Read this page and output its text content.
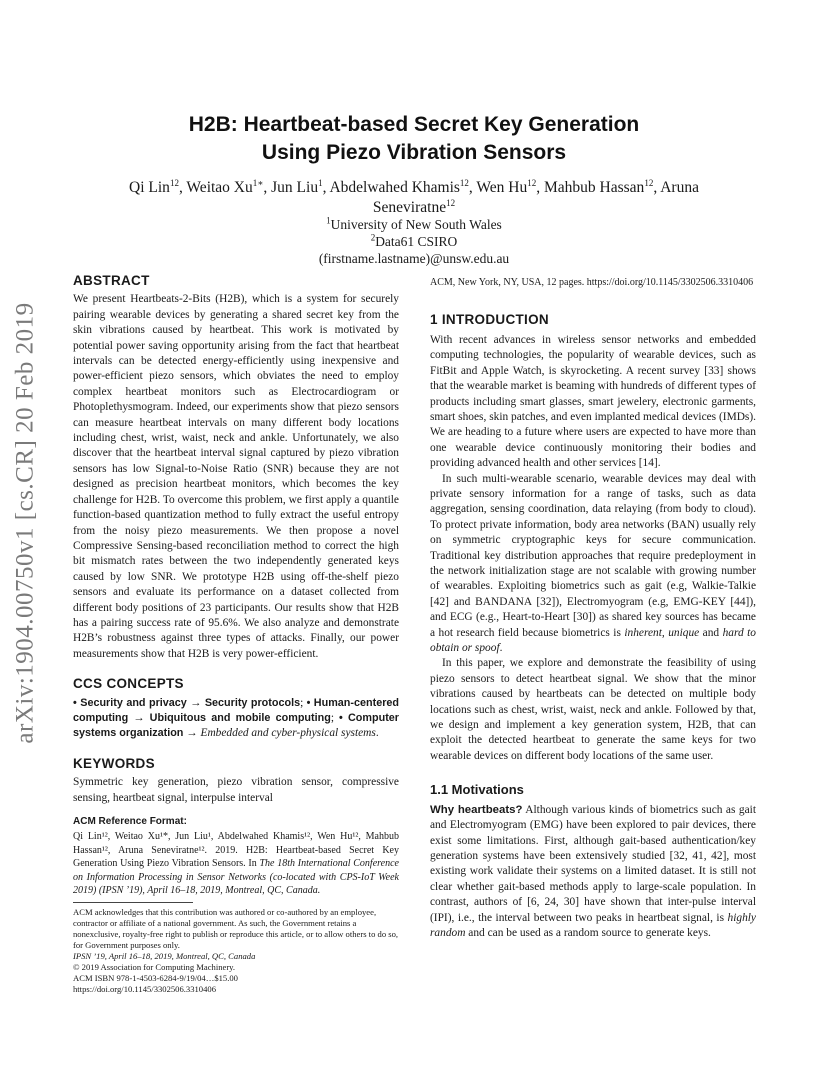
arXiv:1904.00750v1 [cs.CR] 20 Feb 2019
H2B: Heartbeat-based Secret Key Generation
Using Piezo Vibration Sensors
Qi Lin$^{12}$, Weitao $Xu^{1∗}$, Jun Liu$^1$, Abdelwahed Khamis$^{12}$, Wen Hu$^{12}$, Mahbub Hassan$^{12}$, Aruna Seneviratne$^{12}$
$^1$University of New South Wales
$^2$Data61 CSIRO
(firstname.lastname)@unsw.edu.au
ABSTRACT

We present Heartbeats-2-Bits (H2B), which is a system for securely pairing wearable devices by generating a shared secret key from the skin vibrations caused by heartbeat. This work is motivated by potential power saving opportunity arising from the fact that heartbeat intervals can be detected energy-efficiently using inexpensive and power-efficient piezo sensors, which obviates the need to employ complex heartbeat monitors such as Electrocardiogram or Photoplethysmogram. Indeed, our experiments show that piezo sensors can measure heartbeat intervals on many different body locations including chest, wrist, waist, neck and ankle. Unfortunately, we also discover that the heartbeat interval signal captured by piezo vibration sensors has low Signal-to-Noise Ratio (SNR) because they are not designed as precision heartbeat monitors, which becomes the key challenge for H2B. To overcome this problem, we first apply a quantile function-based quantization method to fully extract the useful entropy from the noisy piezo measurements. We then propose a novel Compressive Sensing-based reconciliation method to correct the high bit mismatch rates between the two independently generated keys caused by low SNR. We prototype H2B using off-the-shelf piezo sensors and evaluate its performance on a dataset collected from different body positions of 23 participants. Our results show that H2B has a pairing success rate of 95.6%. We also analyze and demonstrate H2B’s robustness against three types of attacks. Finally, our power measurements show that H2B is very power-efficient.

CCS CONCEPTS

• Security and privacy → Security protocols; • Human-centered computing → Ubiquitous and mobile computing; • Computer systems organization → Embedded and cyber-physical systems.

KEYWORDS

Symmetric key generation, piezo vibration sensor, compressive sensing, heartbeat signal, interpulse interval

ACM Reference Format:

Qi Lin¹², Weitao Xu¹*, Jun Liu¹, Abdelwahed Khamis¹², Wen Hu¹², Mahbub Hassan¹², Aruna Seneviratne¹². 2019. H2B: Heartbeat-based Secret Key Generation Using Piezo Vibration Sensors. In The 18th International Conference on Information Processing in Sensor Networks (co-located with CPS-IoT Week 2019) (IPSN ’19), April 16–18, 2019, Montreal, QC, Canada.

ACM acknowledges that this contribution was authored or co-authored by an employee, contractor or affiliate of a national government. As such, the Government retains a nonexclusive, royalty-free right to publish or reproduce this article, or to allow others to do so, for Government purposes only.

IPSN ’19, April 16–18, 2019, Montreal, QC, Canada

© 2019 Association for Computing Machinery.

ACM ISBN 978-1-4503-6284-9/19/04…$15.00

https://doi.org/10.1145/3302506.3310406

ACM, New York, NY, USA, 12 pages. https://doi.org/10.1145/3302506.3310406

1 INTRODUCTION

With recent advances in wireless sensor networks and embedded computing technologies, the popularity of wearable devices, such as FitBit and Apple Watch, is skyrocketing. A recent survey [33] shows that the wearable market is beaming with hundreds of different types of products including smart glasses, smart jewelery, electronic garments, smart shoes, skin patches, and even implanted medical devices (IMDs). We are heading to a future where users are expected to have more than one wearable device continuously monitoring their bodies and providing advanced health and other services [14].

In such multi-wearable scenario, wearable devices may deal with private sensory information for a range of tasks, such as data aggregation, sensing coordination, data relaying (from body to cloud). To protect private information, body area networks (BAN) usually rely on symmetric cryptographic keys for secure communication. Traditional key distribution approaches that require predeployment in the network initialization stage are not scalable with growing number of wearables. Exploiting biometrics such as gait (e.g, Walkie-Talkie [42] and BANDANA [32]), Electromyogram (e.g, EMG-KEY [44]), and ECG (e.g., Heart-to-Heart [30]) as shared key sources has became a hot research field because biometrics is inherent, unique and hard to obtain or spoof.

In this paper, we explore and demonstrate the feasibility of using piezo sensors to detect heartbeat signal. We show that the minor vibrations caused by heartbeats can be detected on multiple body locations such as chest, wrist, waist, neck and ankle. Followed by that, we design and implement a key generation system, H2B, that can exploit the detected heartbeat to generate the same keys for two wearable devices on different body locations of the same user.

1.1 Motivations

Why heartbeats? Although various kinds of biometrics such as gait and Electromyogram (EMG) have been explored to pair devices, there exist some limitations. First, although gait-based authentication/key generation systems have been extensively studied [32, 41, 42], most existing work validate their systems on a limited dataset. It is still not clear whether gait-based methods apply to large-scale population. In contrast, authors of [6, 24, 30] have shown that inter-pulse interval (IPI), i.e., the interval between two peaks in heartbeat signal, is highly random and can be used as a random source to generate keys.
